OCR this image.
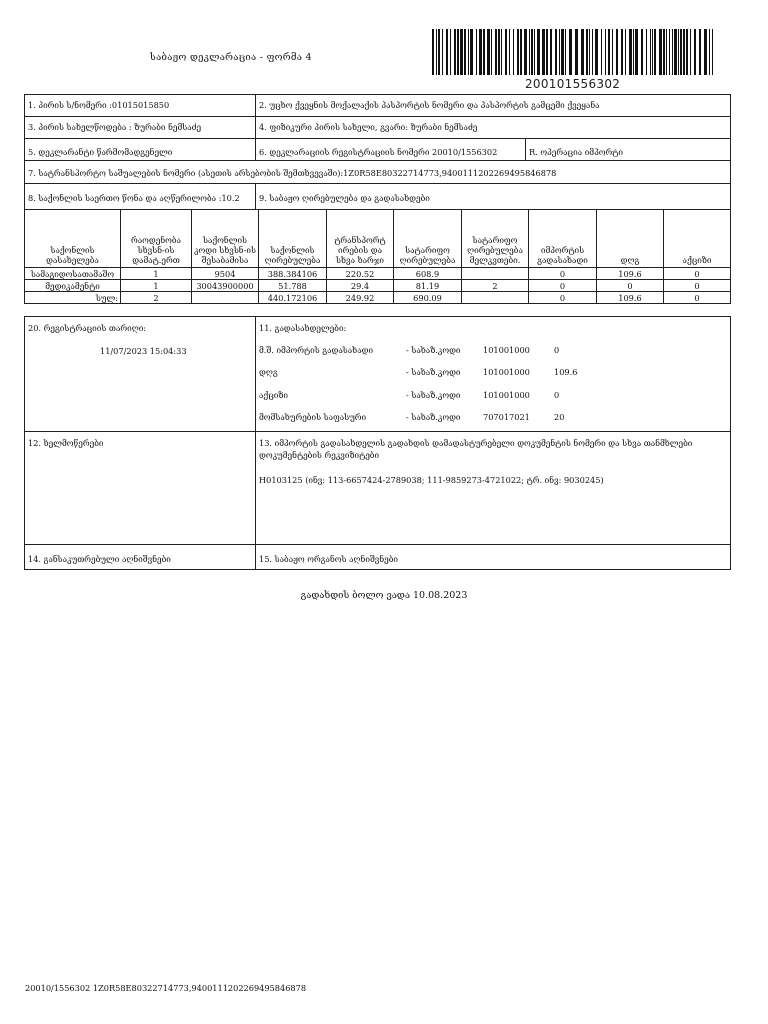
საბაჟო დეკლარაცია - ფორმა 4
200101556302
1. პირის ს/ნომერი :01015015850	2. უცხო ქვეყნის მოქალაქის პასპორტის ნომერი და პასპორტის გამცემი ქვეყანა
3. პირის სახელწოდება : ზურაბი ნემსაძე	4. ფიზიკური პირის სახელი, გვარი: ზურაბი ნემსაძე
5. დეკლარანტი წარმომადგენელი	6. დეკლარაციის რეგისტრაციის ნომერი 20010/1556302	R. ოპერაცია იმპორტი
7. სატრანსპორტო საშუალების ნომერი (ასეთის არსებობის შემთხვევაში):1Z0R58E80322714773,9400111202269495846878
8. საქონლის საერთო წონა და აღწერილობა :10.2	9. საბაჟო ღირებულება და გადასახდები
საქონლის დასახელება	რაოდენობა სხვსნ-ის დამატ.ერთ	საქონლის კოდი სხვსნ-ის შესაბამისა	საქონლის ღირებულება	ტრანსპორტ ირების და სხვა ხარჯი	სატარიფო ღირებულება	სატარიფო ღირებულება მელკვთები.	იმპორტის გადასახადი	დღგ	აქციზი
სამაგიდოსათამაშო	1	9504	388.384106	220.52	608.9		0	109.6	0
მედიკამენტი	1	30043900000	51.788	29.4	81.19	2	0	0	0
სულ:	2		440.172106	249.92	690.09		0	109.6	0
20. რეგისტრაციის თარიღი:
11/07/2023 15:04:33
11. გადასახდელები:
მ.შ. იმპორტის გადასახადი	- სახაზ.კოდი	101001000	0
დღგ	- სახაზ.კოდი	101001000	109.6
აქციზი	- სახაზ.კოდი	101001000	0
მომსახურების საფასური	- სახაზ.კოდი	707017021	20
12. ხელმოწერები	13. იმპორტის გადასახდელის გადახდის დამადასტურებელი დოკუმენტის ნომერი და სხვა თანმხლები
დოკუმენტების რეკვიზიტები
H0103125 (ინვ: 113-6657424-2789038; 111-9859273-4721022; ტრ. ინვ: 9030245)
14. განსაკუთრებული აღნიშვნები	15. საბაჟო ორგანოს აღნიშვნები
გადახდის ბოლო ვადა 10.08.2023
20010/1556302 1Z0R58E80322714773,9400111202269495846878
